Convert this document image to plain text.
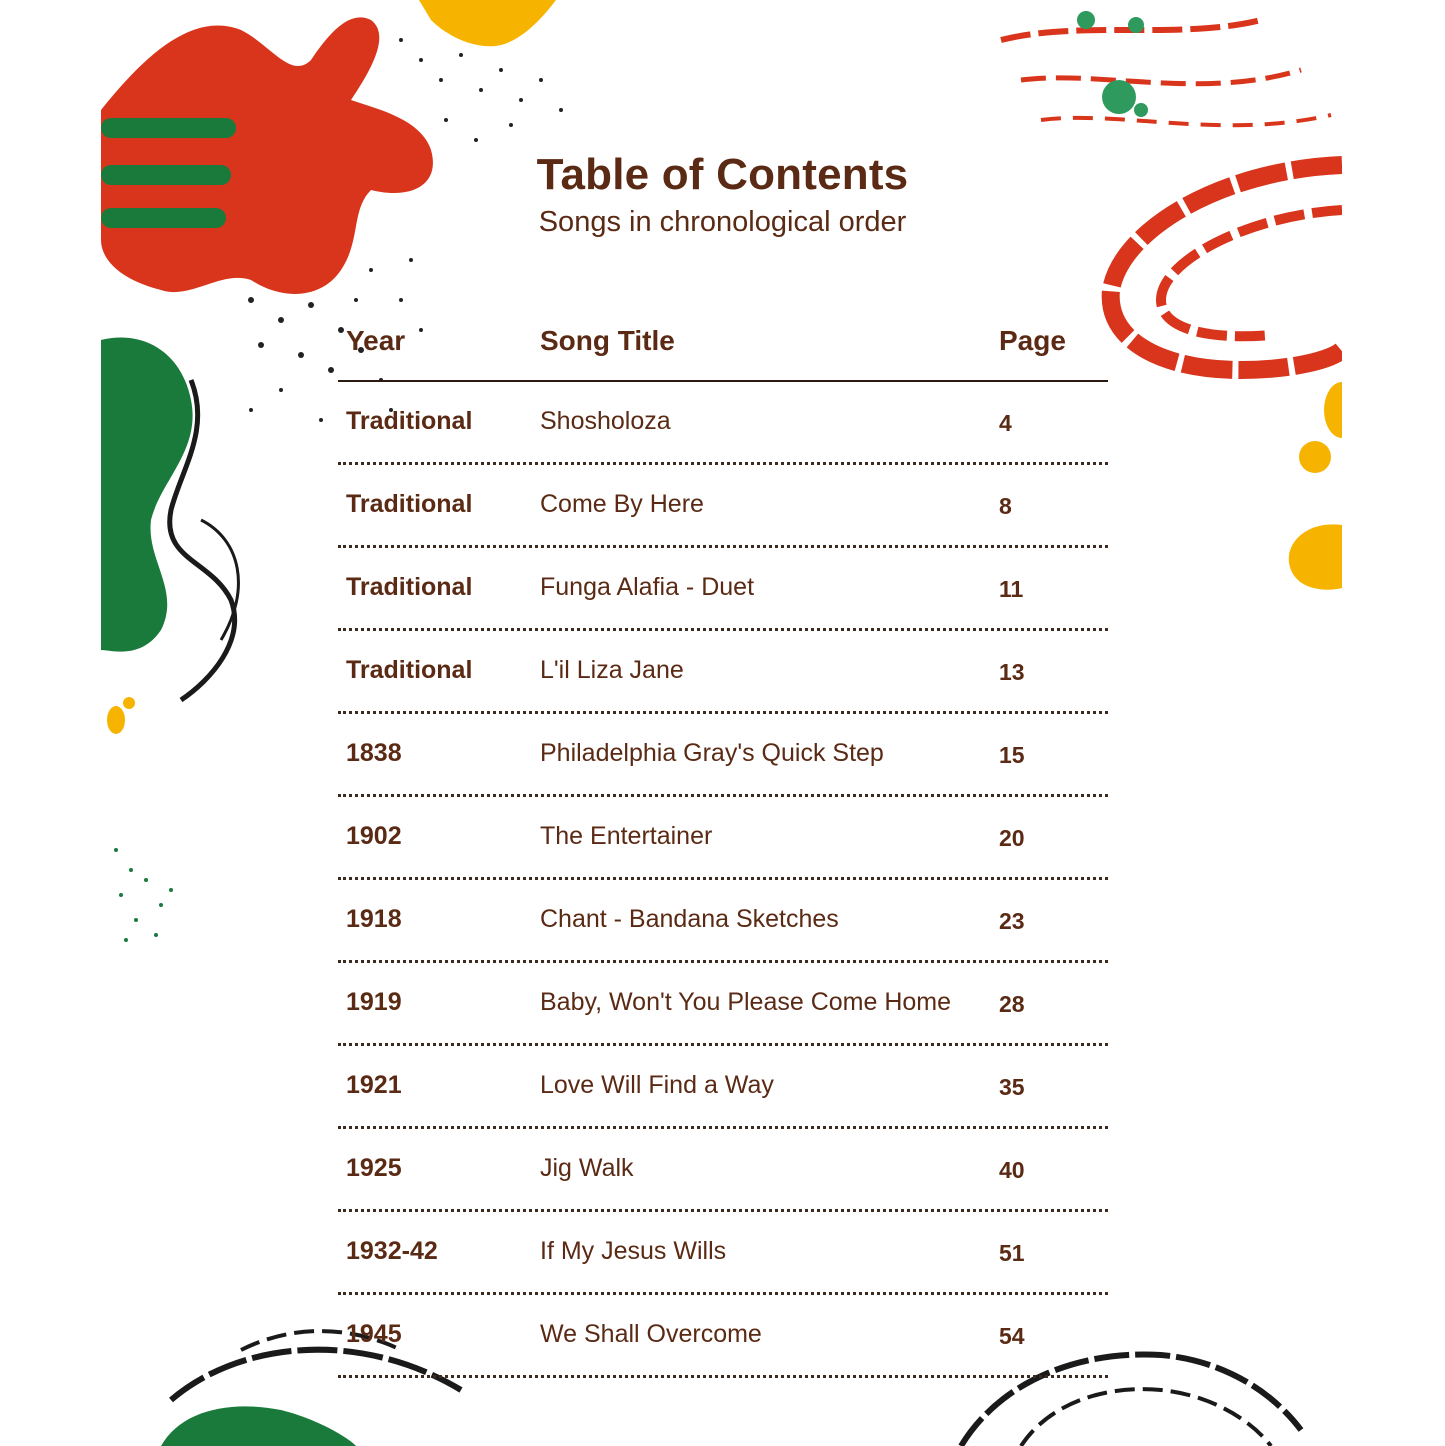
Table of Contents
Songs in chronological order
Year	Song Title	Page
Traditional	Shosholoza	4
Traditional	Come By Here	8
Traditional	Funga Alafia - Duet	11
Traditional	L'il Liza Jane	13
1838	Philadelphia Gray's Quick Step	15
1902	The Entertainer	20
1918	Chant - Bandana Sketches	23
1919	Baby, Won't You Please Come Home 28
1921	Love Will Find a Way	35
1925	Jig Walk	40
1932-42	If My Jesus Wills	51
1945	We Shall Overcome	54
